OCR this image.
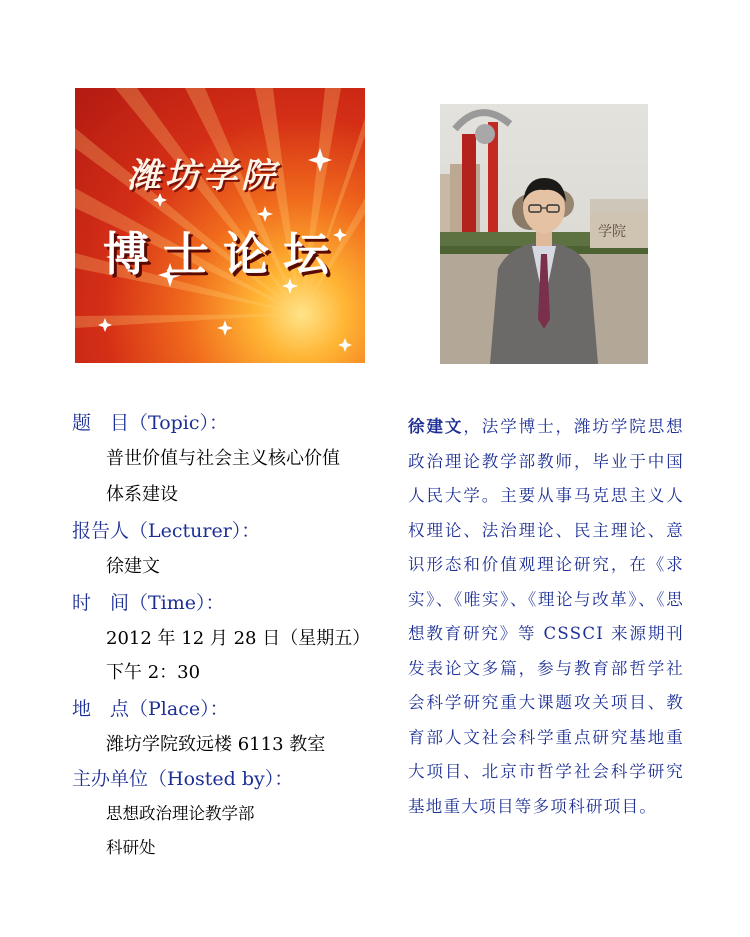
潍坊学院
博士论坛	学院
题　目（Topic）：
普世价值与社会主义核心价值
体系建设
报告人（Lecturer）：
徐建文
时　间（Time）：
2012 年 12 月 28 日（星期五）
下午 2：30
地　点（Place）：
潍坊学院致远楼 6113 教室
主办单位（Hosted by）：
思想政治理论教学部
科研处
徐建文，法学博士，潍坊学院思想政治理论教学部教师，毕业于中国人民大学。主要从事马克思主义人权理论、法治理论、民主理论、意识形态和价值观理论研究，在《求实》、《唯实》、《理论与改革》、《思想教育研究》等 CSSCI 来源期刊发表论文多篇，参与教育部哲学社会科学研究重大课题攻关项目、教育部人文社会科学重点研究基地重大项目、北京市哲学社会科学研究基地重大项目等多项科研项目。
